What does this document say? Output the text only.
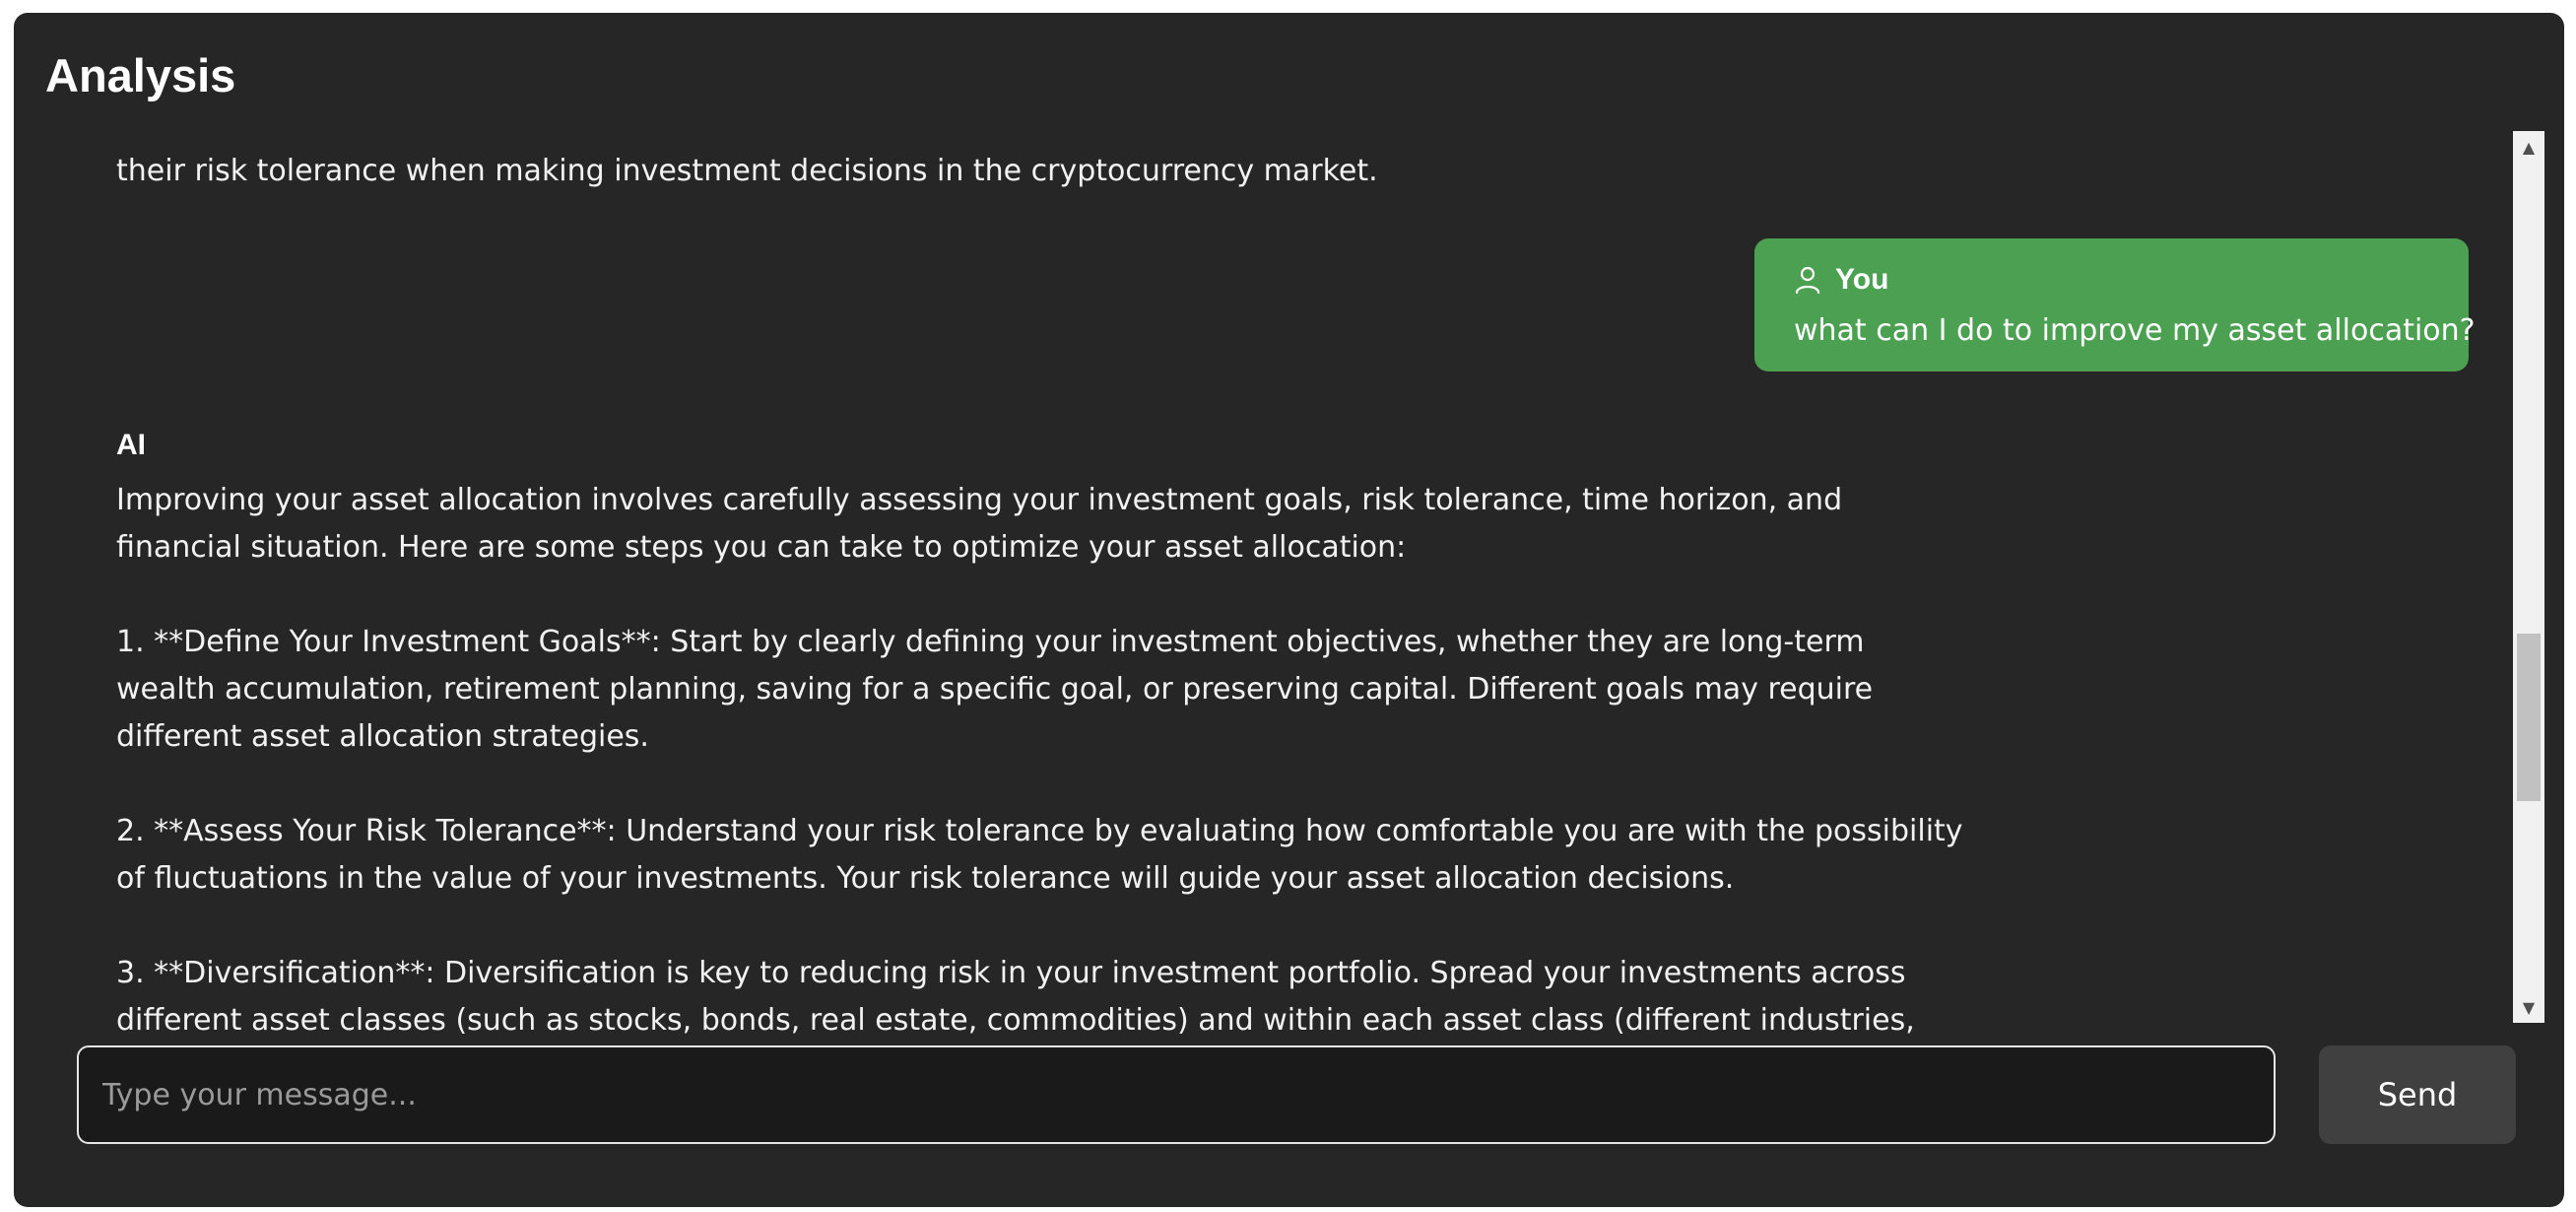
Analysis

their risk tolerance when making investment decisions in the cryptocurrency market.

You
what can I do to improve my asset allocation?
AI

Improving your asset allocation involves carefully assessing your investment goals, risk tolerance, time horizon, and financial situation. Here are some steps you can take to optimize your asset allocation:

1. **Define Your Investment Goals**: Start by clearly defining your investment objectives, whether they are long-term wealth accumulation, retirement planning, saving for a specific goal, or preserving capital. Different goals may require different asset allocation strategies.

2. **Assess Your Risk Tolerance**: Understand your risk tolerance by evaluating how comfortable you are with the possibility of fluctuations in the value of your investments. Your risk tolerance will guide your asset allocation decisions.

3. **Diversification**: Diversification is key to reducing risk in your investment portfolio. Spread your investments across different asset classes (such as stocks, bonds, real estate, commodities) and within each asset class (different industries,

▲
▼
Type your message...
Send
